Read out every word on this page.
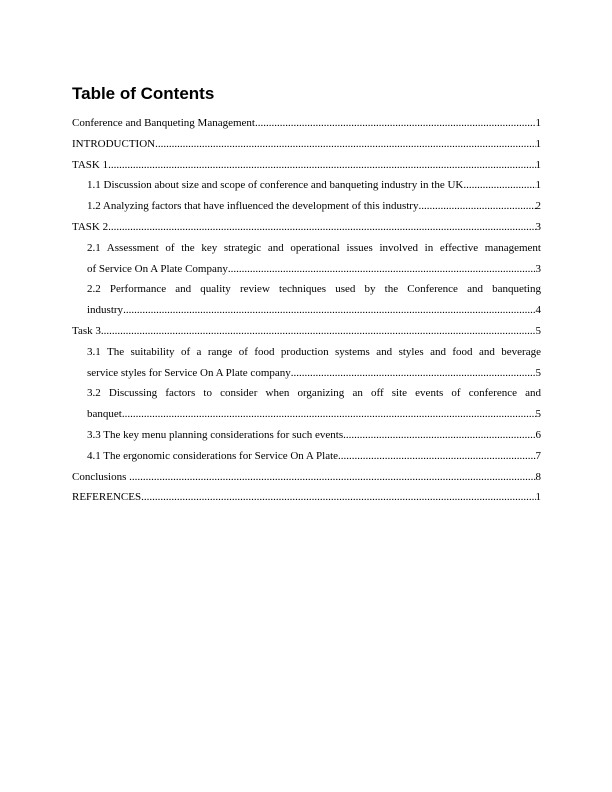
Table of Contents
Conference and Banqueting Management .....	1
INTRODUCTION .....	1
TASK 1 .....	1
1.1 Discussion about size and scope of conference and banqueting industry in the UK .....	1
1.2 Analyzing factors that have influenced the development of this industry .....	2
TASK 2 .....	3
2.1 Assessment of the key strategic and operational issues involved in effective management
of Service On A Plate Company .....	3
2.2 Performance and quality review techniques used by the Conference and banqueting
industry .....	4
Task 3 .....	5
3.1 The suitability of a range of food production systems and styles and food and beverage
service styles for Service On A Plate company .....	5
3.2 Discussing factors to consider when organizing an off site events of conference and
banquet .....	5
3.3 The key menu planning considerations for such events .....	6
4.1 The ergonomic considerations for Service On A Plate .....	7
Conclusions .....	8
REFERENCES .....	1
